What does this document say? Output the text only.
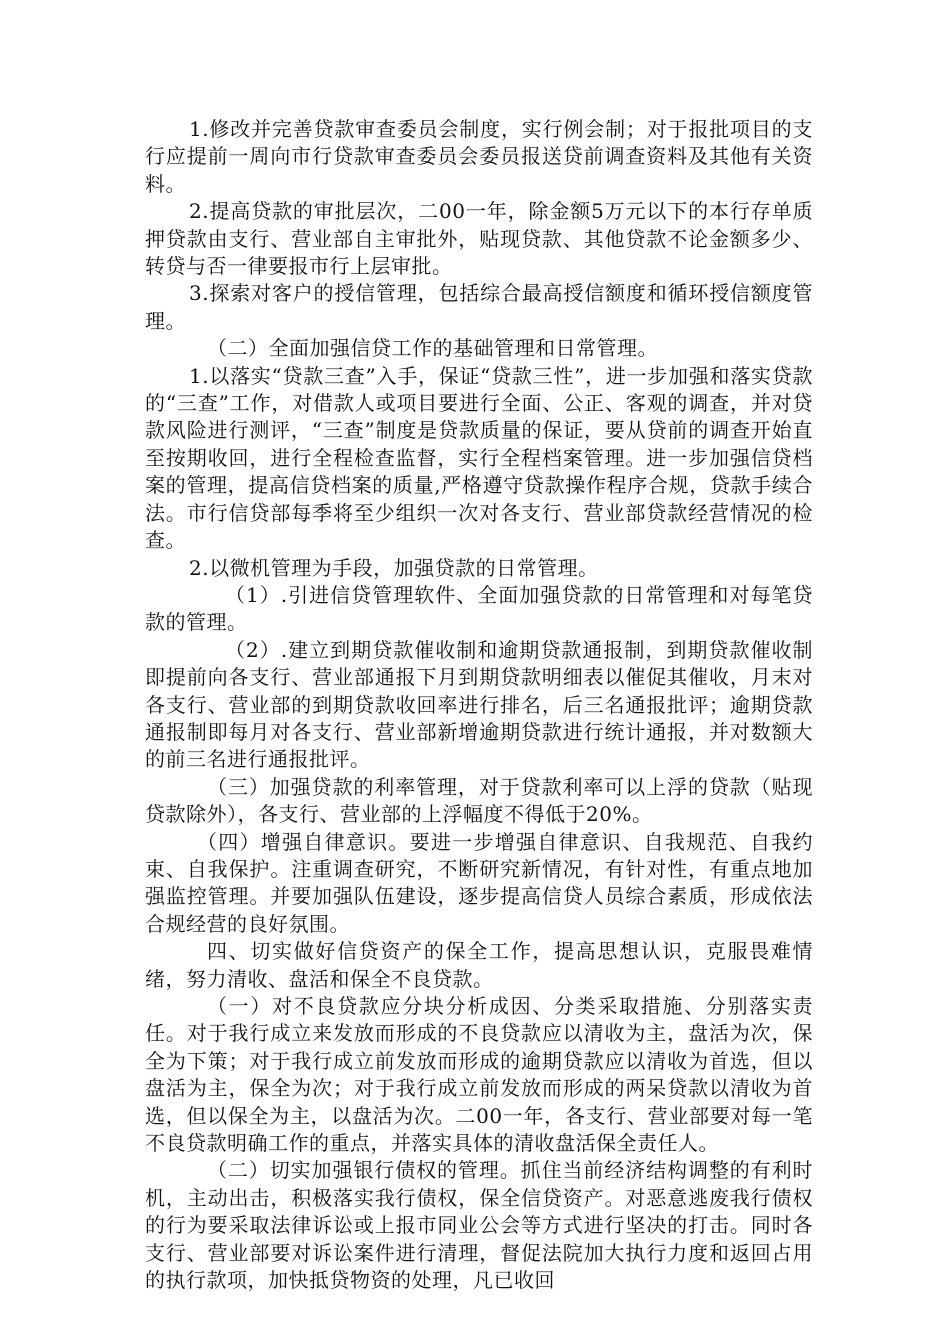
1.修改并完善贷款审查委员会制度，实行例会制；对于报批项目的支行应提前一周向市行贷款审查委员会委员报送贷前调查资料及其他有关资料。

2.提高贷款的审批层次，二00一年，除金额5万元以下的本行存单质押贷款由支行、营业部自主审批外，贴现贷款、其他贷款不论金额多少、转贷与否一律要报市行上层审批。

3.探索对客户的授信管理，包括综合最高授信额度和循环授信额度管理。

（二）全面加强信贷工作的基础管理和日常管理。

1.以落实“贷款三查”入手，保证“贷款三性”，进一步加强和落实贷款的“三查”工作，对借款人或项目要进行全面、公正、客观的调查，并对贷款风险进行测评，“三查”制度是贷款质量的保证，要从贷前的调查开始直至按期收回，进行全程检查监督，实行全程档案管理。进一步加强信贷档案的管理，提高信贷档案的质量,严格遵守贷款操作程序合规，贷款手续合法。市行信贷部每季将至少组织一次对各支行、营业部贷款经营情况的检查。

2.以微机管理为手段，加强贷款的日常管理。

（1）.引进信贷管理软件、全面加强贷款的日常管理和对每笔贷款的管理。

（2）.建立到期贷款催收制和逾期贷款通报制，到期贷款催收制即提前向各支行、营业部通报下月到期贷款明细表以催促其催收，月末对各支行、营业部的到期贷款收回率进行排名，后三名通报批评；逾期贷款通报制即每月对各支行、营业部新增逾期贷款进行统计通报，并对数额大的前三名进行通报批评。

（三）加强贷款的利率管理，对于贷款利率可以上浮的贷款（贴现贷款除外），各支行、营业部的上浮幅度不得低于20%。

（四）增强自律意识。要进一步增强自律意识、自我规范、自我约束、自我保护。注重调查研究，不断研究新情况，有针对性，有重点地加强监控管理。并要加强队伍建设，逐步提高信贷人员综合素质，形成依法合规经营的良好氛围。

四、切实做好信贷资产的保全工作，提高思想认识，克服畏难情绪，努力清收、盘活和保全不良贷款。

（一）对不良贷款应分块分析成因、分类采取措施、分别落实责任。对于我行成立来发放而形成的不良贷款应以清收为主，盘活为次，保全为下策；对于我行成立前发放而形成的逾期贷款应以清收为首选，但以盘活为主，保全为次；对于我行成立前发放而形成的两呆贷款以清收为首选，但以保全为主，以盘活为次。二00一年，各支行、营业部要对每一笔不良贷款明确工作的重点，并落实具体的清收盘活保全责任人。

（二）切实加强银行债权的管理。抓住当前经济结构调整的有利时机，主动出击，积极落实我行债权，保全信贷资产。对恶意逃废我行债权的行为要采取法律诉讼或上报市同业公会等方式进行坚决的打击。同时各支行、营业部要对诉讼案件进行清理，督促法院加大执行力度和返回占用的执行款项，加快抵贷物资的处理，凡已收回
